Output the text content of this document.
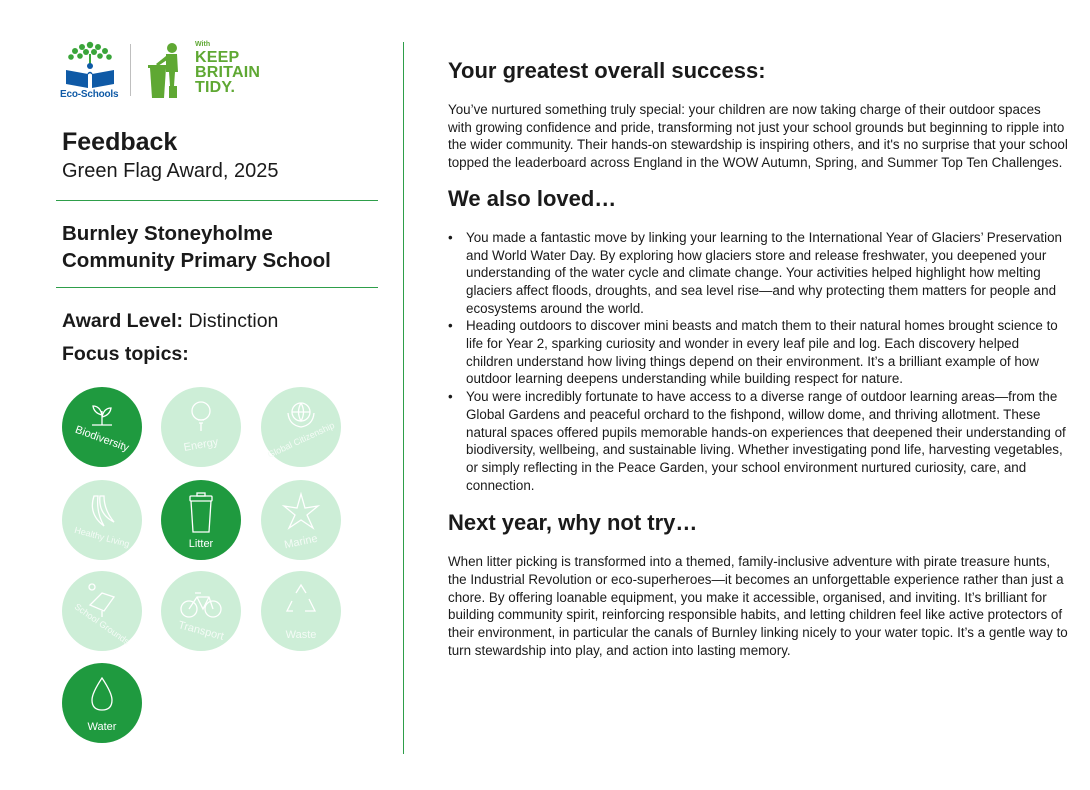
Eco-Schools
With
KEEP
BRITAIN
TIDY.
Feedback
Green Flag Award, 2025
Burnley Stoneyholme
Community Primary School
Award Level: Distinction
Focus topics:
Biodiversity	Energy	Global Citizenship
Healthy Living	Litter	Marine
School Grounds	Transport	Waste
Water
Your greatest overall success:

You’ve nurtured something truly special: your children are now taking charge of their outdoor spaces with growing confidence and pride, transforming not just your school grounds but beginning to ripple into the wider community. Their hands-on stewardship is inspiring others, and it's no surprise that your school topped the leaderboard across England in the WOW Autumn, Spring, and Summer Top Ten Challenges.

We also loved…
• You made a fantastic move by linking your learning to the International Year of Glaciers’ Preservation and World Water Day. By exploring how glaciers store and release freshwater, you deepened your understanding of the water cycle and climate change. Your activities helped highlight how melting glaciers affect floods, droughts, and sea level rise—and why protecting them matters for people and ecosystems around the world.
• Heading outdoors to discover mini beasts and match them to their natural homes brought science to life for Year 2, sparking curiosity and wonder in every leaf pile and log. Each discovery helped children understand how living things depend on their environment. It’s a brilliant example of how outdoor learning deepens understanding while building respect for nature.
• You were incredibly fortunate to have access to a diverse range of outdoor learning areas—from the Global Gardens and peaceful orchard to the fishpond, willow dome, and thriving allotment. These natural spaces offered pupils memorable hands-on experiences that deepened their understanding of biodiversity, wellbeing, and sustainable living. Whether investigating pond life, harvesting vegetables, or simply reflecting in the Peace Garden, your school environment nurtured curiosity, care, and connection.
Next year, why not try…

When litter picking is transformed into a themed, family-inclusive adventure with pirate treasure hunts, the Industrial Revolution or eco-superheroes—it becomes an unforgettable experience rather than just a chore. By offering loanable equipment, you make it accessible, organised, and inviting. It’s brilliant for building community spirit, reinforcing responsible habits, and letting children feel like active protectors of their environment, in particular the canals of Burnley linking nicely to your water topic. It’s a gentle way to turn stewardship into play, and action into lasting memory.
